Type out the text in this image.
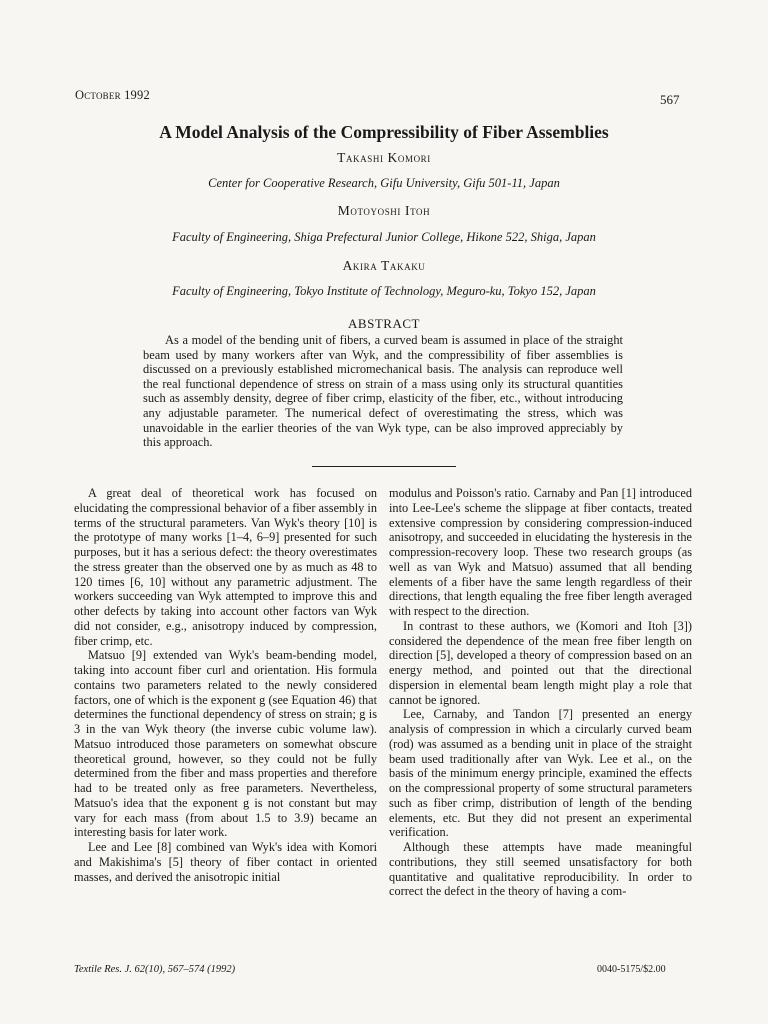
October 1992	567
A Model Analysis of the Compressibility of Fiber Assemblies
Takashi Komori
Center for Cooperative Research, Gifu University, Gifu 501-11, Japan
Motoyoshi Itoh
Faculty of Engineering, Shiga Prefectural Junior College, Hikone 522, Shiga, Japan
Akira Takaku
Faculty of Engineering, Tokyo Institute of Technology, Meguro-ku, Tokyo 152, Japan
ABSTRACT

As a model of the bending unit of fibers, a curved beam is assumed in place of the straight beam used by many workers after van Wyk, and the compressibility of fiber assemblies is discussed on a previously established micromechanical basis. The analysis can reproduce well the real functional dependence of stress on strain of a mass using only its structural quantities such as assembly density, degree of fiber crimp, elasticity of the fiber, etc., without introducing any adjustable parameter. The numerical defect of overestimating the stress, which was unavoidable in the earlier theories of the van Wyk type, can be also improved appreciably by this approach.

A great deal of theoretical work has focused on elucidating the compressional behavior of a fiber assembly in terms of the structural parameters. Van Wyk's theory [10] is the prototype of many works [1–4, 6–9] presented for such purposes, but it has a serious defect: the theory overestimates the stress greater than the observed one by as much as 48 to 120 times [6, 10] without any parametric adjustment. The workers succeeding van Wyk attempted to improve this and other defects by taking into account other factors van Wyk did not consider, e.g., anisotropy induced by compression, fiber crimp, etc.

Matsuo [9] extended van Wyk's beam-bending model, taking into account fiber curl and orientation. His formula contains two parameters related to the newly considered factors, one of which is the exponent g (see Equation 46) that determines the functional dependency of stress on strain; g is 3 in the van Wyk theory (the inverse cubic volume law). Matsuo introduced those parameters on somewhat obscure theoretical ground, however, so they could not be fully determined from the fiber and mass properties and therefore had to be treated only as free parameters. Nevertheless, Matsuo's idea that the exponent g is not constant but may vary for each mass (from about 1.5 to 3.9) became an interesting basis for later work.

Lee and Lee [8] combined van Wyk's idea with Komori and Makishima's [5] theory of fiber contact in oriented masses, and derived the anisotropic initial

modulus and Poisson's ratio. Carnaby and Pan [1] introduced into Lee-Lee's scheme the slippage at fiber contacts, treated extensive compression by considering compression-induced anisotropy, and succeeded in elucidating the hysteresis in the compression-recovery loop. These two research groups (as well as van Wyk and Matsuo) assumed that all bending elements of a fiber have the same length regardless of their directions, that length equaling the free fiber length averaged with respect to the direction.

In contrast to these authors, we (Komori and Itoh [3]) considered the dependence of the mean free fiber length on direction [5], developed a theory of compression based on an energy method, and pointed out that the directional dispersion in elemental beam length might play a role that cannot be ignored.

Lee, Carnaby, and Tandon [7] presented an energy analysis of compression in which a circularly curved beam (rod) was assumed as a bending unit in place of the straight beam used traditionally after van Wyk. Lee et al., on the basis of the minimum energy principle, examined the effects on the compressional property of some structural parameters such as fiber crimp, distribution of length of the bending elements, etc. But they did not present an experimental verification.

Although these attempts have made meaningful contributions, they still seemed unsatisfactory for both quantitative and qualitative reproducibility. In order to correct the defect in the theory of having a com-

Textile Res. J. 62(10), 567–574 (1992)	0040-5175/$2.00
